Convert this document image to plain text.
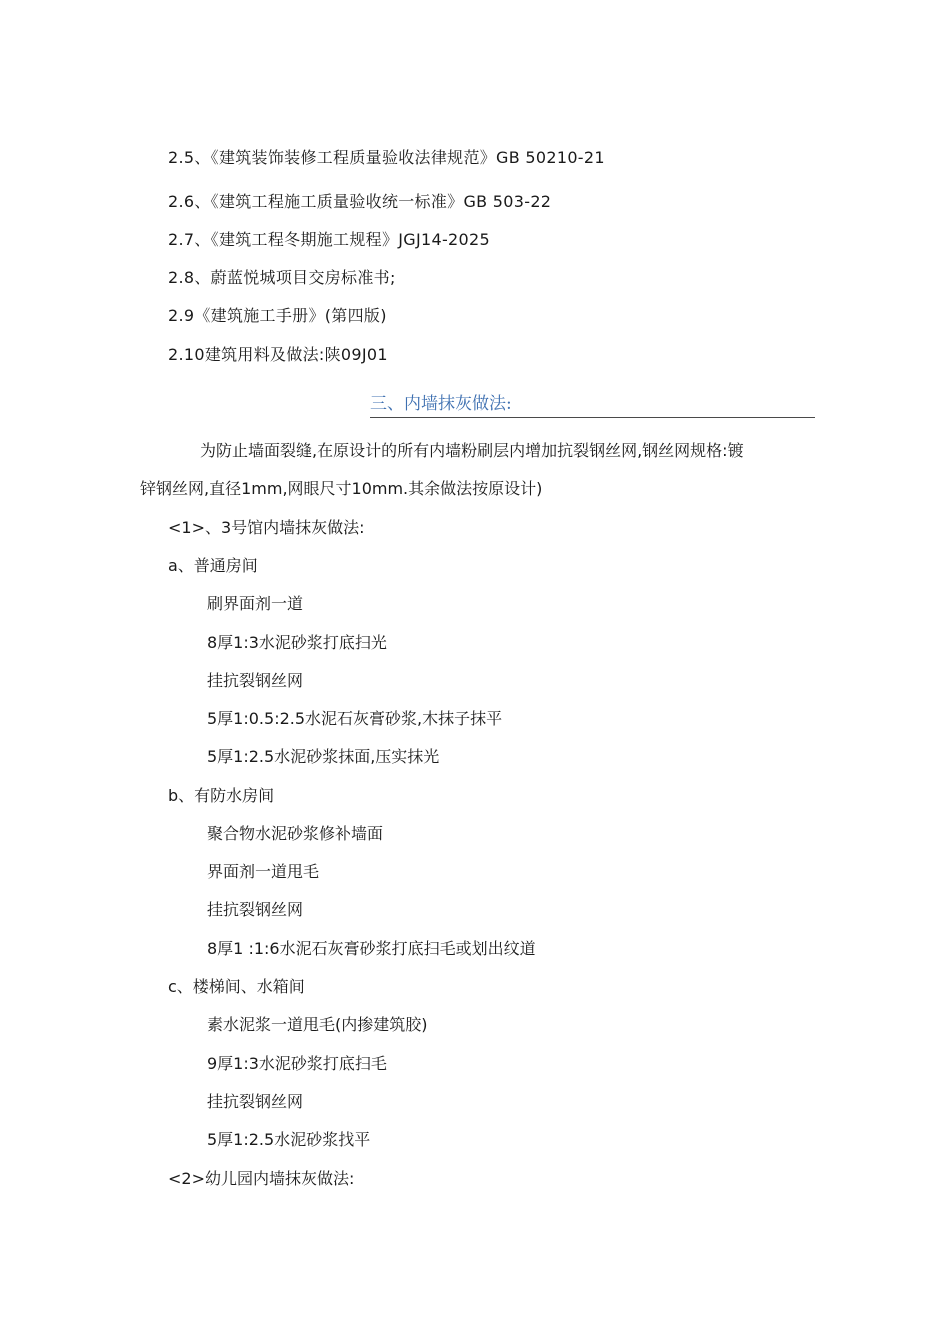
2.5、《建筑装饰装修工程质量验收法律规范》GB 50210-21
2.6、《建筑工程施工质量验收统一标准》GB 503-22
2.7、《建筑工程冬期施工规程》JGJ14-2025
2.8、蔚蓝悦城项目交房标准书;
2.9《建筑施工手册》(第四版)
2.10建筑用料及做法:陕09J01
三、内墙抹灰做法:
为防止墙面裂缝,在原设计的所有内墙粉刷层内增加抗裂钢丝网,钢丝网规格:镀
锌钢丝网,直径1mm,网眼尺寸10mm.其余做法按原设计)
<1>、3号馆内墙抹灰做法:
a、普通房间
刷界面剂一道
8厚1:3水泥砂浆打底扫光
挂抗裂钢丝网
5厚1:0.5:2.5水泥石灰膏砂浆,木抹子抹平
5厚1:2.5水泥砂浆抹面,压实抹光
b、有防水房间
聚合物水泥砂浆修补墙面
界面剂一道甩毛
挂抗裂钢丝网
8厚1 :1:6水泥石灰膏砂浆打底扫毛或划出纹道
c、楼梯间、水箱间
素水泥浆一道甩毛(内掺建筑胶)
9厚1:3水泥砂浆打底扫毛
挂抗裂钢丝网
5厚1:2.5水泥砂浆找平
<2>幼儿园内墙抹灰做法:
